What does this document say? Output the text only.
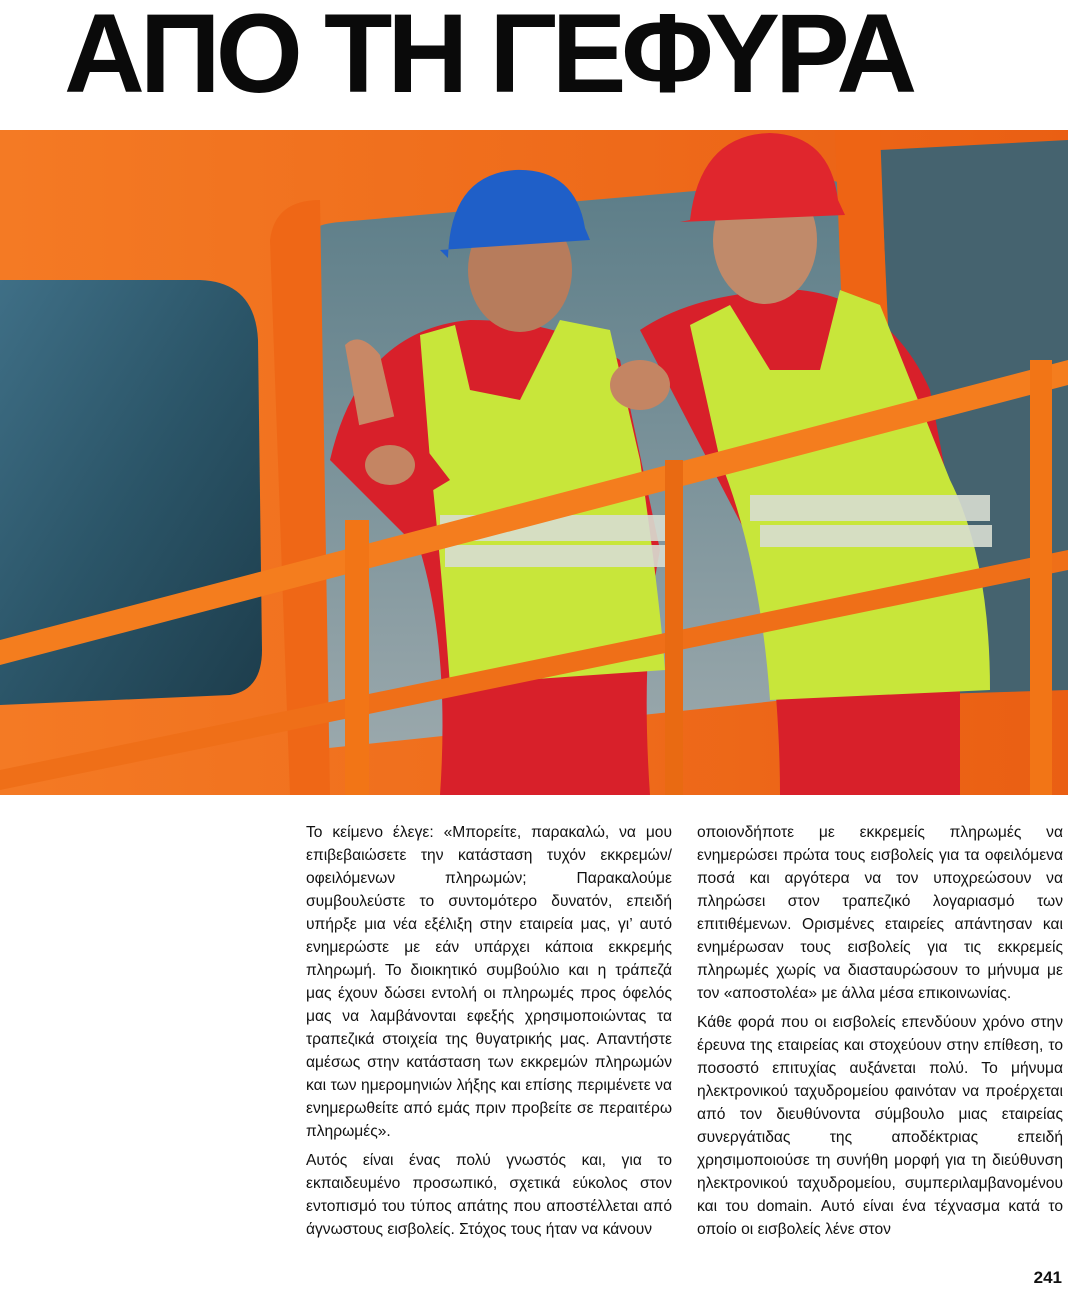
ΑΠΟ ΤΗ ΓΕΦΥΡΑ

Το κείμενο έλεγε: «Μπορείτε, παρακαλώ, να μου επιβεβαιώσετε την κατάσταση τυχόν εκκρεμών/οφειλόμενων πληρωμών; Παρακαλούμε συμβουλεύστε το συντομότερο δυνατόν, επειδή υπήρξε μια νέα εξέλιξη στην εταιρεία μας, γι’ αυτό ενημερώστε με εάν υπάρχει κάποια εκκρεμής πληρωμή. Το διοικητικό συμβούλιο και η τράπεζά μας έχουν δώσει εντολή οι πληρωμές προς όφελός μας να λαμβάνονται εφεξής χρησιμοποιώντας τα τραπεζικά στοιχεία της θυγατρικής μας. Απαντήστε αμέσως στην κατάσταση των εκκρεμών πληρωμών και των ημερομηνιών λήξης και επίσης περιμένετε να ενημερωθείτε από εμάς πριν προβείτε σε περαιτέρω πληρωμές».

Αυτός είναι ένας πολύ γνωστός και, για το εκπαιδευμένο προσωπικό, σχετικά εύκολος στον εντοπισμό του τύπος απάτης που αποστέλλεται από άγνωστους εισβολείς. Στόχος τους ήταν να κάνουν

οποιονδήποτε με εκκρεμείς πληρωμές να ενημερώσει πρώτα τους εισβολείς για τα οφειλόμενα ποσά και αργότερα να τον υποχρεώσουν να πληρώσει στον τραπεζικό λογαριασμό των επιτιθέμενων. Ορισμένες εταιρείες απάντησαν και ενημέρωσαν τους εισβολείς για τις εκκρεμείς πληρωμές χωρίς να διασταυρώσουν το μήνυμα με τον «αποστολέα» με άλλα μέσα επικοινωνίας.

Κάθε φορά που οι εισβολείς επενδύουν χρόνο στην έρευνα της εταιρείας και στοχεύουν στην επίθεση, το ποσοστό επιτυχίας αυξάνεται πολύ. Το μήνυμα ηλεκτρονικού ταχυδρομείου φαινόταν να προέρχεται από τον διευθύνοντα σύμβουλο μιας εταιρείας συνεργάτιδας της αποδέκτριας επειδή χρησιμοποιούσε τη συνήθη μορφή για τη διεύθυνση ηλεκτρονικού ταχυδρομείου, συμπεριλαμβανομένου και του domain. Αυτό είναι ένα τέχνασμα κατά το οποίο οι εισβολείς λένε στον

241
